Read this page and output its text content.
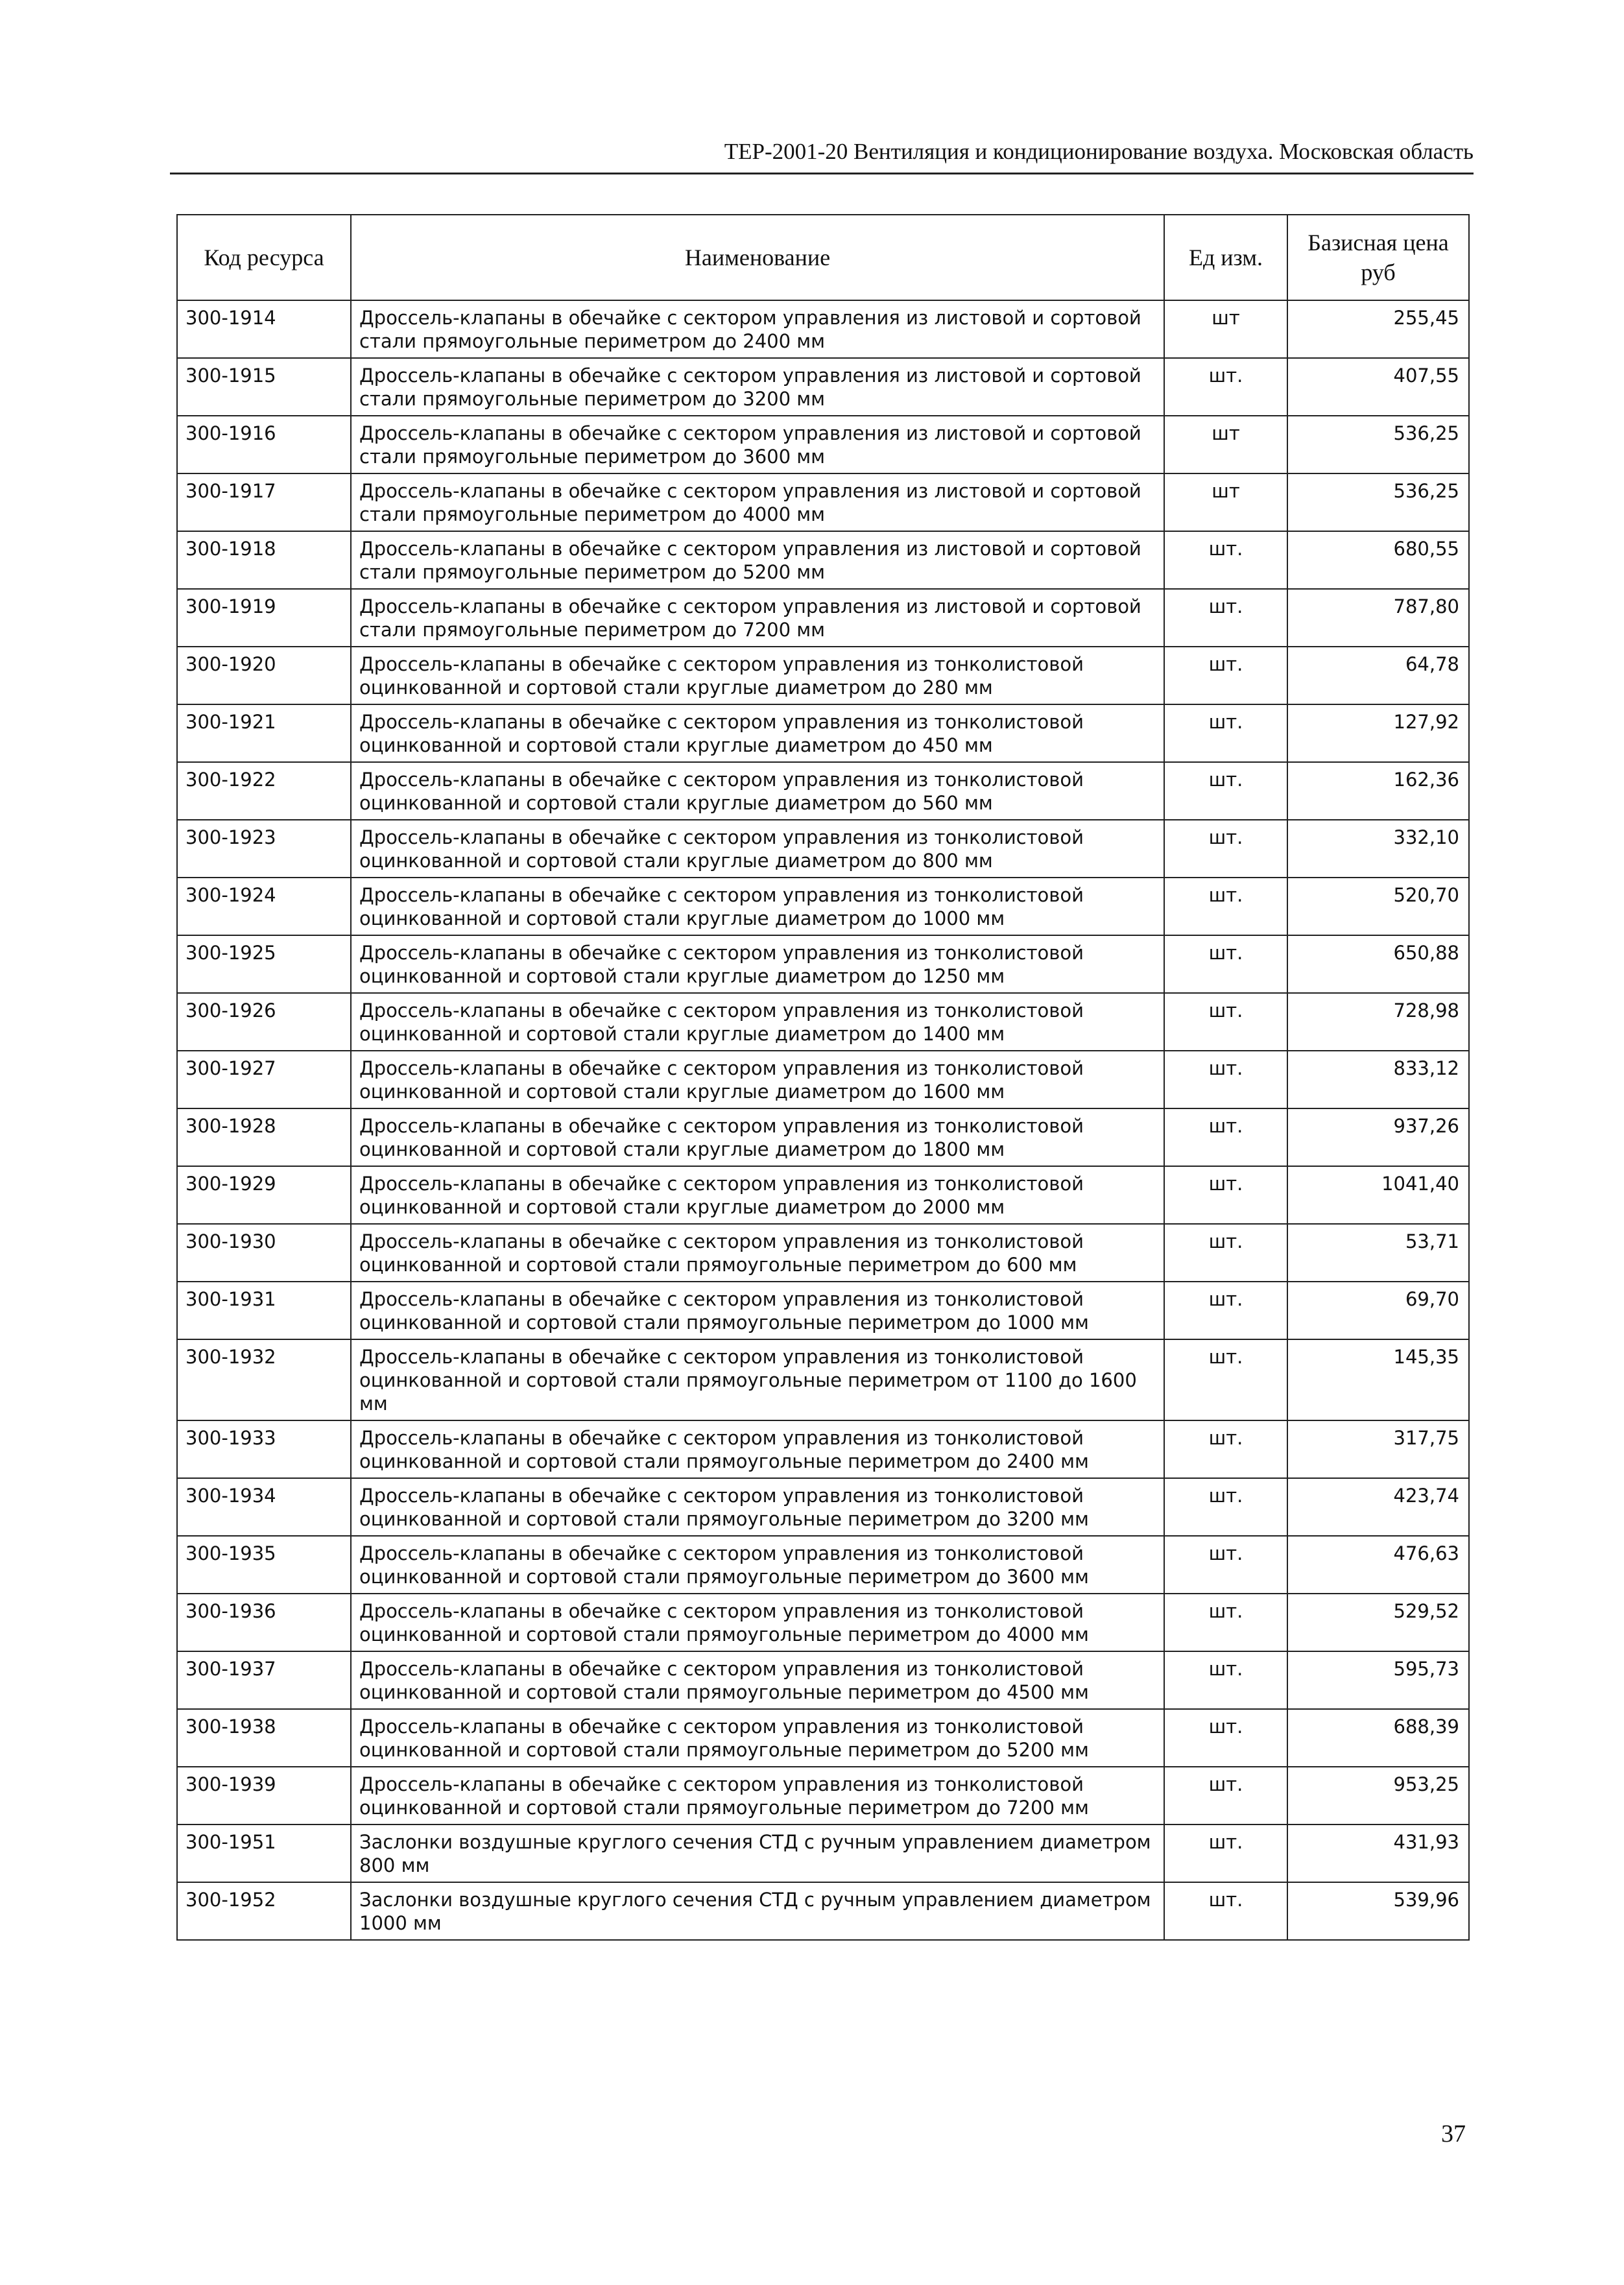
ТЕР-2001-20 Вентиляция и кондиционирование воздуха. Московская область
Код ресурса	Наименование	Ед изм.	Базисная цена руб
300-1914	Дроссель-клапаны в обечайке с сектором управления из листовой и сортовой стали прямоугольные периметром до 2400 мм	шт	255,45
300-1915	Дроссель-клапаны в обечайке с сектором управления из листовой и сортовой стали прямоугольные периметром до 3200 мм	шт.	407,55
300-1916	Дроссель-клапаны в обечайке с сектором управления из листовой и сортовой стали прямоугольные периметром до 3600 мм	шт	536,25
300-1917	Дроссель-клапаны в обечайке с сектором управления из листовой и сортовой стали прямоугольные периметром до 4000 мм	шт	536,25
300-1918	Дроссель-клапаны в обечайке с сектором управления из листовой и сортовой стали прямоугольные периметром до 5200 мм	шт.	680,55
300-1919	Дроссель-клапаны в обечайке с сектором управления из листовой и сортовой стали прямоугольные периметром до 7200 мм	шт.	787,80
300-1920	Дроссель-клапаны в обечайке с сектором управления из тонколистовой оцинкованной и сортовой стали круглые диаметром до 280 мм	шт.	64,78
300-1921	Дроссель-клапаны в обечайке с сектором управления из тонколистовой оцинкованной и сортовой стали круглые диаметром до 450 мм	шт.	127,92
300-1922	Дроссель-клапаны в обечайке с сектором управления из тонколистовой оцинкованной и сортовой стали круглые диаметром до 560 мм	шт.	162,36
300-1923	Дроссель-клапаны в обечайке с сектором управления из тонколистовой оцинкованной и сортовой стали круглые диаметром до 800 мм	шт.	332,10
300-1924	Дроссель-клапаны в обечайке с сектором управления из тонколистовой оцинкованной и сортовой стали круглые диаметром до 1000 мм	шт.	520,70
300-1925	Дроссель-клапаны в обечайке с сектором управления из тонколистовой оцинкованной и сортовой стали круглые диаметром до 1250 мм	шт.	650,88
300-1926	Дроссель-клапаны в обечайке с сектором управления из тонколистовой оцинкованной и сортовой стали круглые диаметром до 1400 мм	шт.	728,98
300-1927	Дроссель-клапаны в обечайке с сектором управления из тонколистовой оцинкованной и сортовой стали круглые диаметром до 1600 мм	шт.	833,12
300-1928	Дроссель-клапаны в обечайке с сектором управления из тонколистовой оцинкованной и сортовой стали круглые диаметром до 1800 мм	шт.	937,26
300-1929	Дроссель-клапаны в обечайке с сектором управления из тонколистовой оцинкованной и сортовой стали круглые диаметром до 2000 мм	шт.	1041,40
300-1930	Дроссель-клапаны в обечайке с сектором управления из тонколистовой оцинкованной и сортовой стали прямоугольные периметром до 600 мм	шт.	53,71
300-1931	Дроссель-клапаны в обечайке с сектором управления из тонколистовой оцинкованной и сортовой стали прямоугольные периметром до 1000 мм	шт.	69,70
300-1932	Дроссель-клапаны в обечайке с сектором управления из тонколистовой оцинкованной и сортовой стали прямоугольные периметром от 1100 до 1600 мм	шт.	145,35
300-1933	Дроссель-клапаны в обечайке с сектором управления из тонколистовой оцинкованной и сортовой стали прямоугольные периметром до 2400 мм	шт.	317,75
300-1934	Дроссель-клапаны в обечайке с сектором управления из тонколистовой оцинкованной и сортовой стали прямоугольные периметром до 3200 мм	шт.	423,74
300-1935	Дроссель-клапаны в обечайке с сектором управления из тонколистовой оцинкованной и сортовой стали прямоугольные периметром до 3600 мм	шт.	476,63
300-1936	Дроссель-клапаны в обечайке с сектором управления из тонколистовой оцинкованной и сортовой стали прямоугольные периметром до 4000 мм	шт.	529,52
300-1937	Дроссель-клапаны в обечайке с сектором управления из тонколистовой оцинкованной и сортовой стали прямоугольные периметром до 4500 мм	шт.	595,73
300-1938	Дроссель-клапаны в обечайке с сектором управления из тонколистовой оцинкованной и сортовой стали прямоугольные периметром до 5200 мм	шт.	688,39
300-1939	Дроссель-клапаны в обечайке с сектором управления из тонколистовой оцинкованной и сортовой стали прямоугольные периметром до 7200 мм	шт.	953,25
300-1951	Заслонки воздушные круглого сечения СТД с ручным управлением диаметром 800 мм	шт.	431,93
300-1952	Заслонки воздушные круглого сечения СТД с ручным управлением диаметром 1000 мм	шт.	539,96
37
